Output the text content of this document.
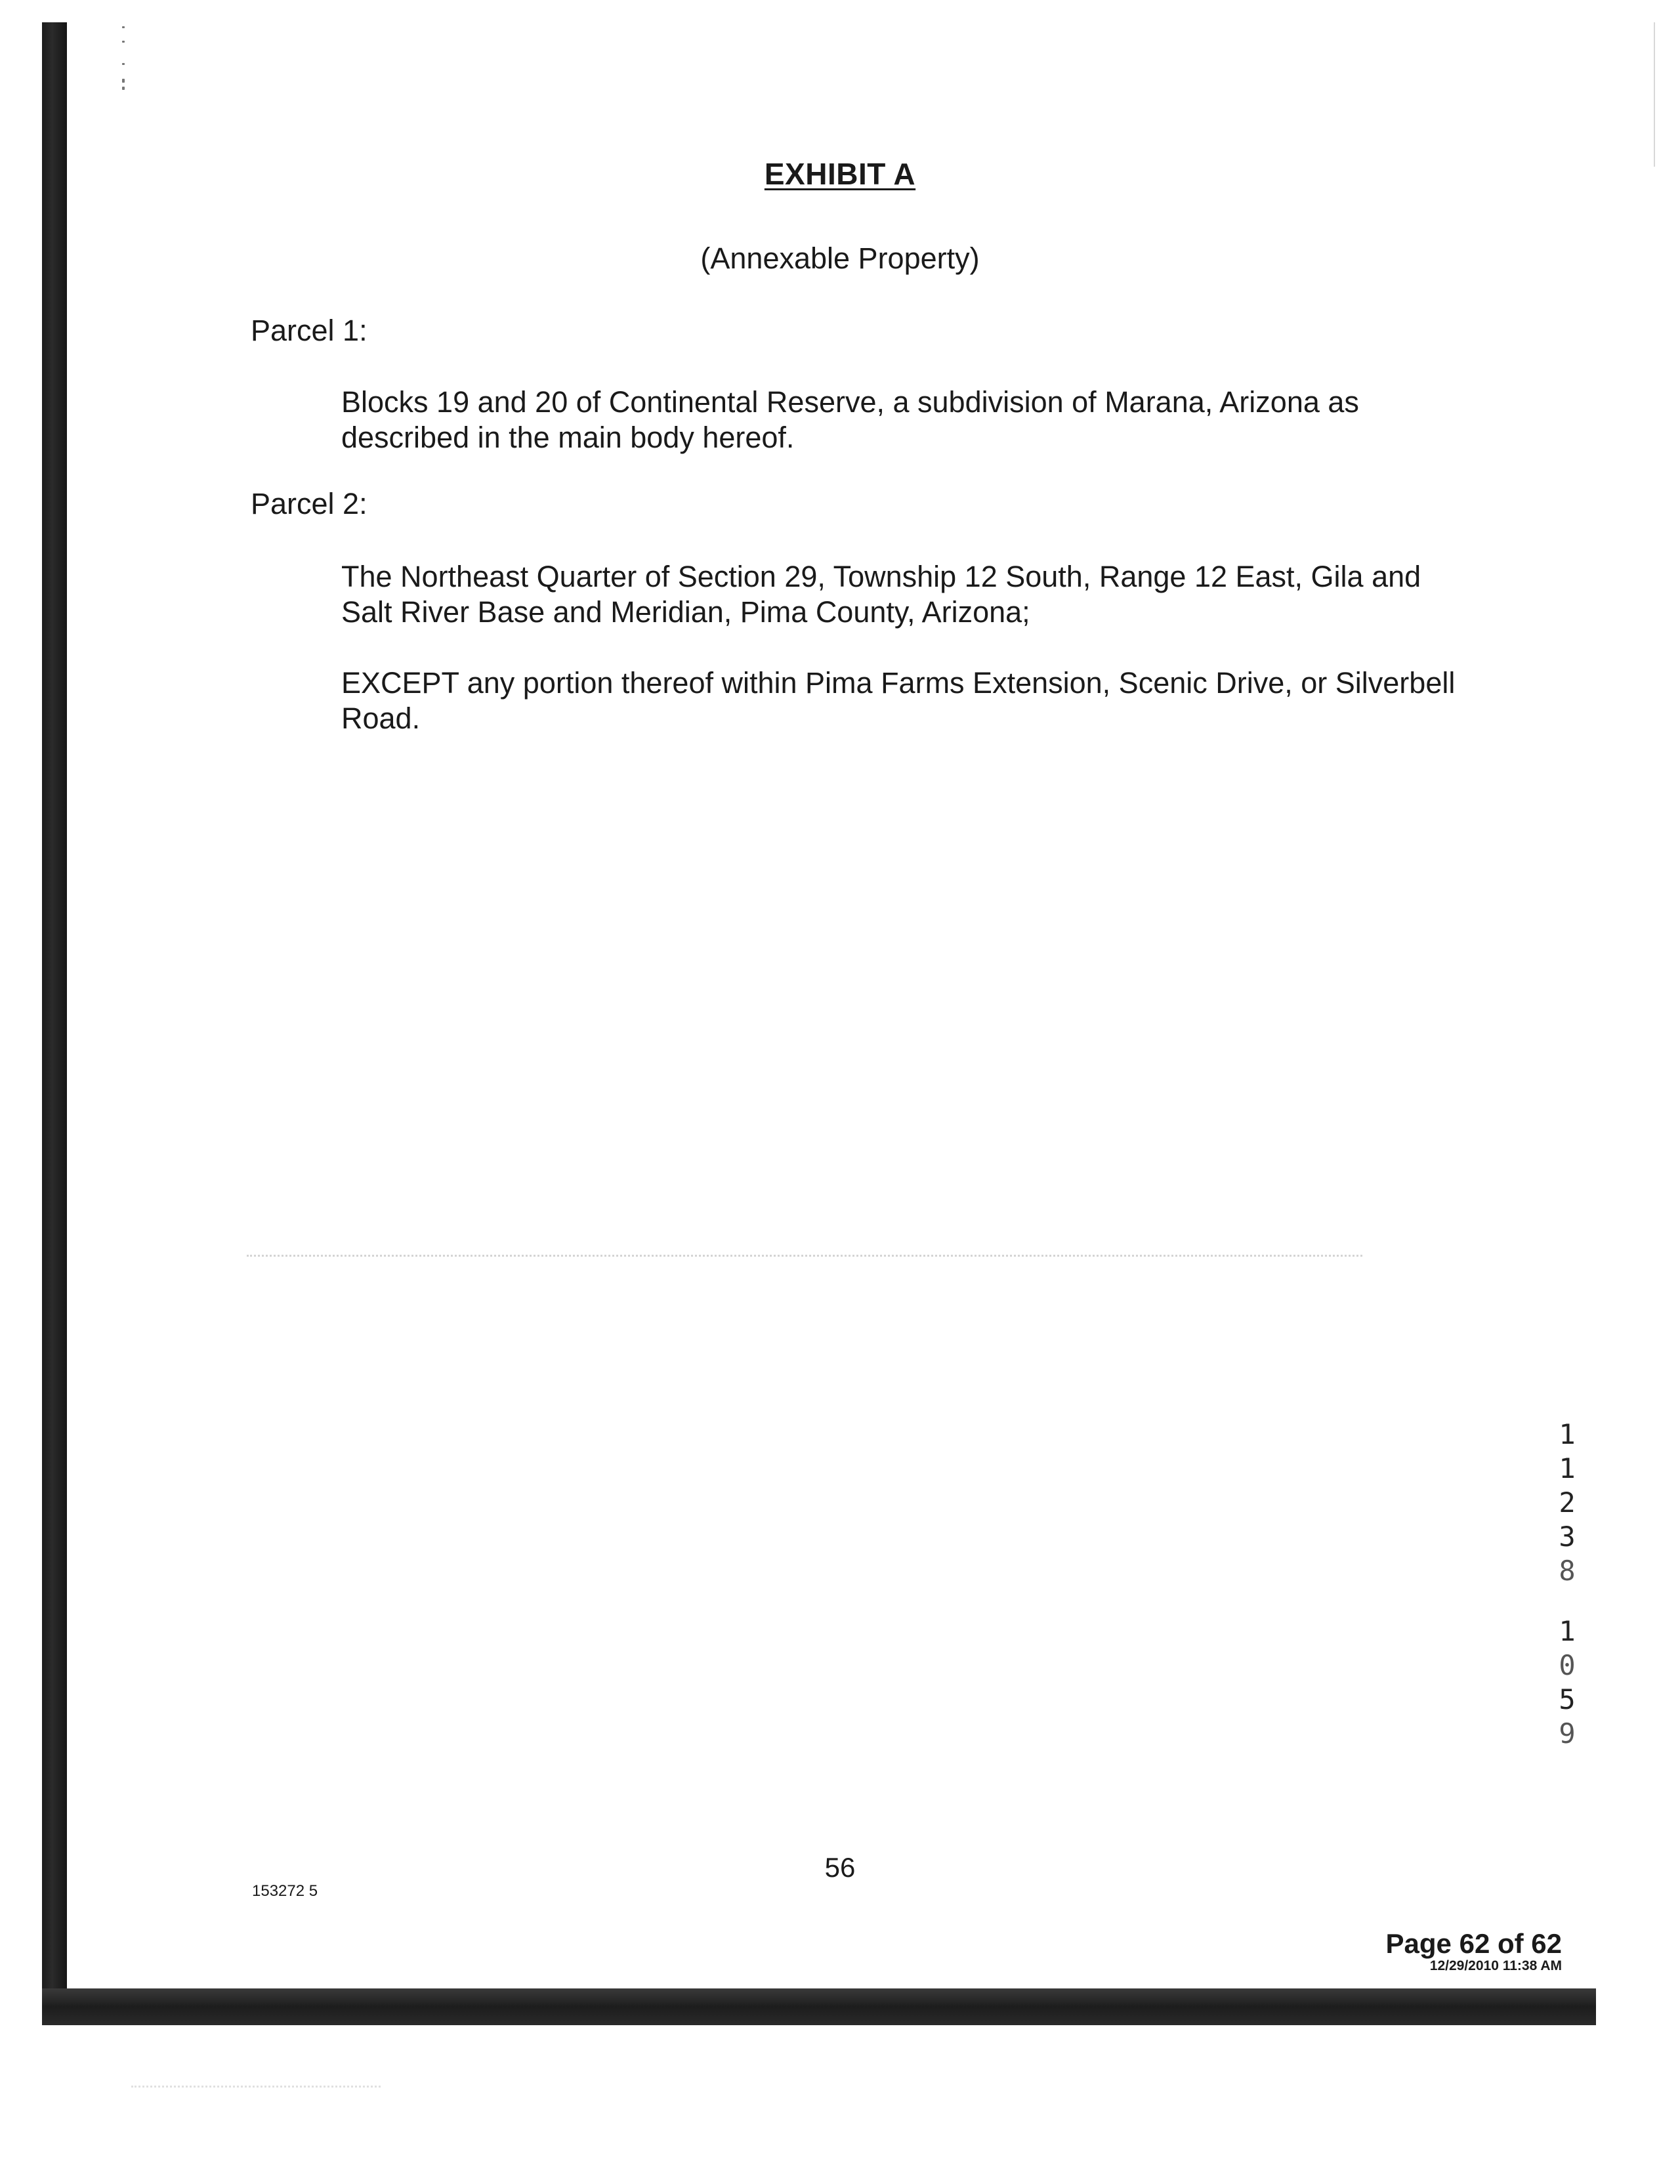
EXHIBIT A
(Annexable Property)
Parcel 1:
Blocks 19 and 20 of Continental Reserve, a subdivision of Marana, Arizona as described in the main body hereof.
Parcel 2:
The Northeast Quarter of Section 29, Township 12 South, Range 12 East, Gila and Salt River Base and Meridian, Pima County, Arizona;
EXCEPT any portion thereof within Pima Farms Extension, Scenic Drive, or Silverbell Road.
1
1
2
3
8
1
0
5
9
56
153272 5
Page 62 of 62
12/29/2010 11:38 AM
